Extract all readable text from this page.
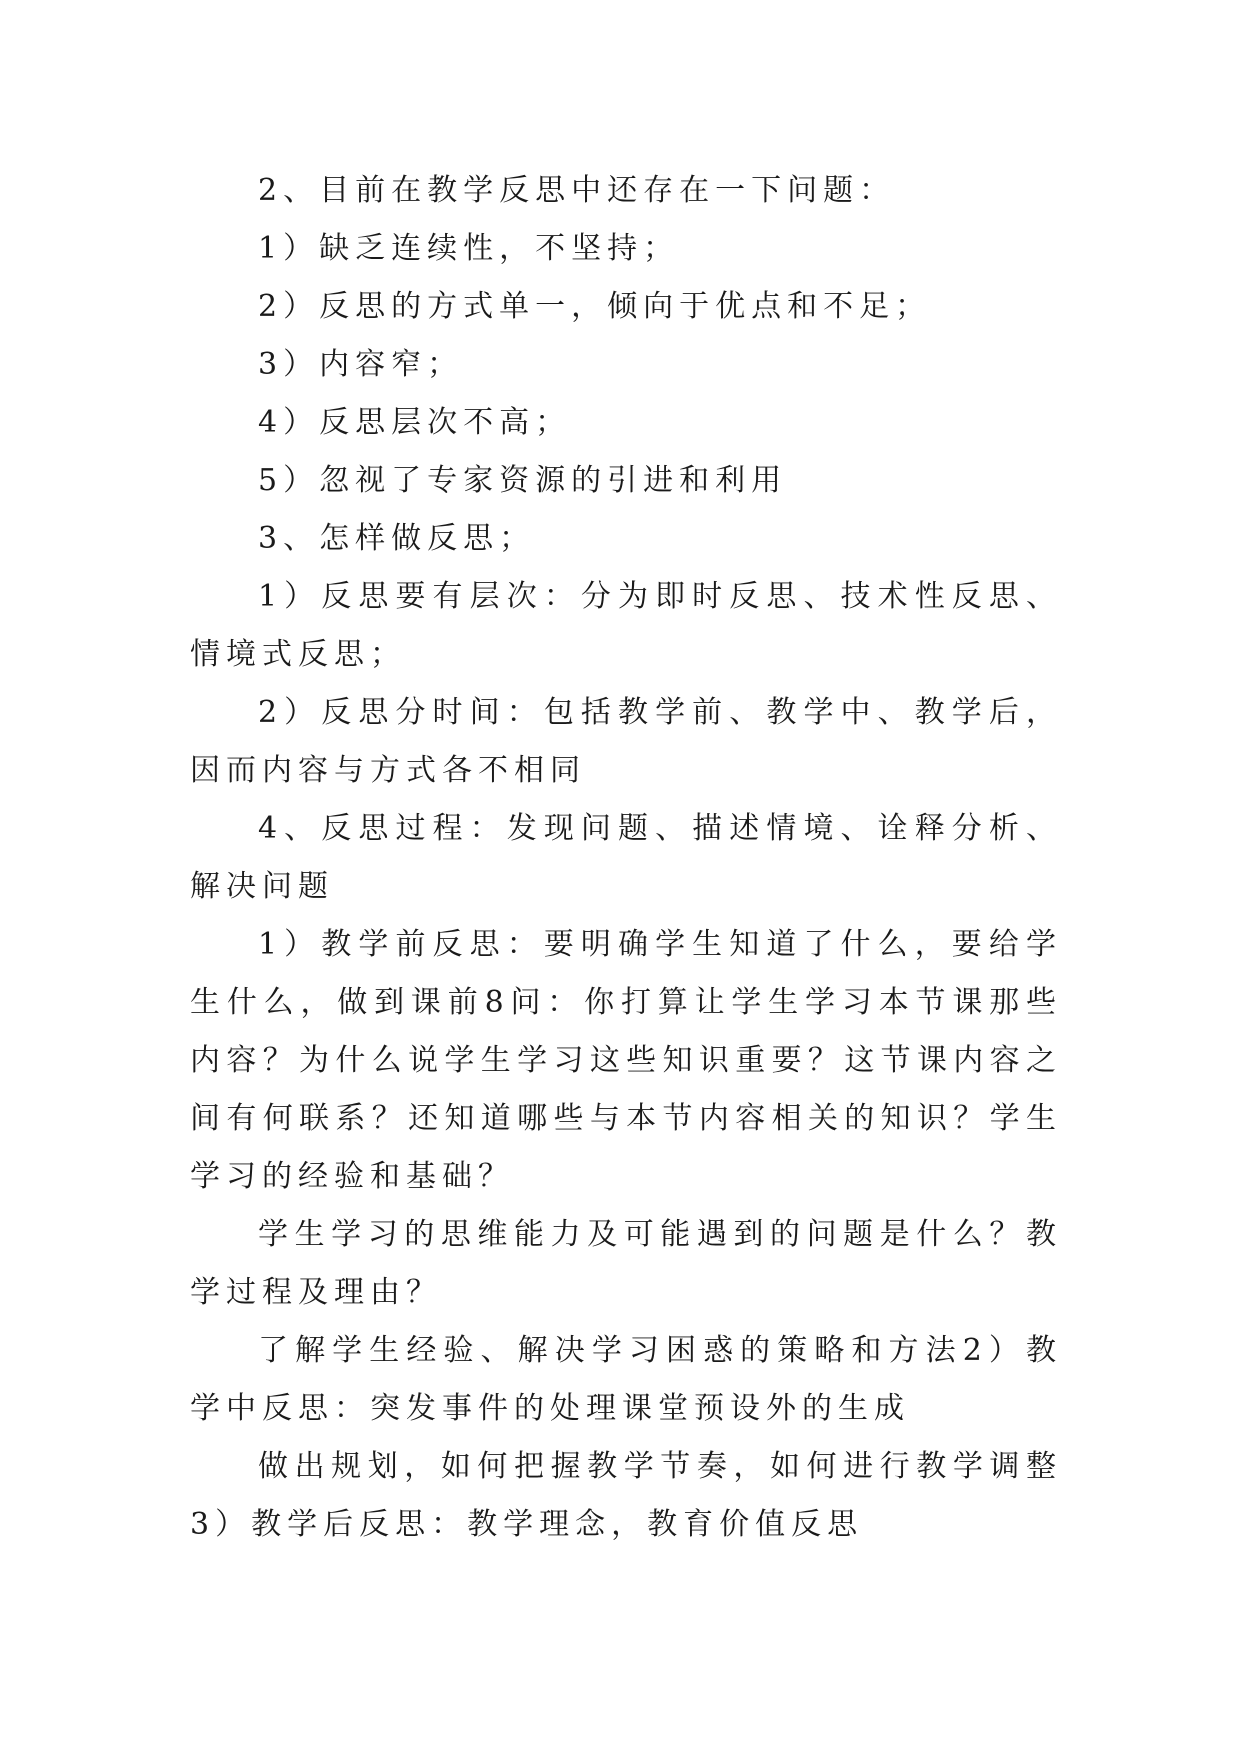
2、目前在教学反思中还存在一下问题：

1）缺乏连续性，不坚持；

2）反思的方式单一，倾向于优点和不足；

3）内容窄；

4）反思层次不高；

5）忽视了专家资源的引进和利用

3、怎样做反思；

1）反思要有层次：分为即时反思、技术性反思、情境式反思；

2）反思分时间：包括教学前、教学中、教学后，因而内容与方式各不相同

4、反思过程：发现问题、描述情境、诠释分析、解决问题

1）教学前反思：要明确学生知道了什么，要给学生什么，做到课前8问：你打算让学生学习本节课那些内容？为什么说学生学习这些知识重要？这节课内容之间有何联系？还知道哪些与本节内容相关的知识？学生学习的经验和基础？

学生学习的思维能力及可能遇到的问题是什么？教学过程及理由？

了解学生经验、解决学习困惑的策略和方法2）教学中反思：突发事件的处理课堂预设外的生成

做出规划，如何把握教学节奏，如何进行教学调整3）教学后反思：教学理念，教育价值反思
